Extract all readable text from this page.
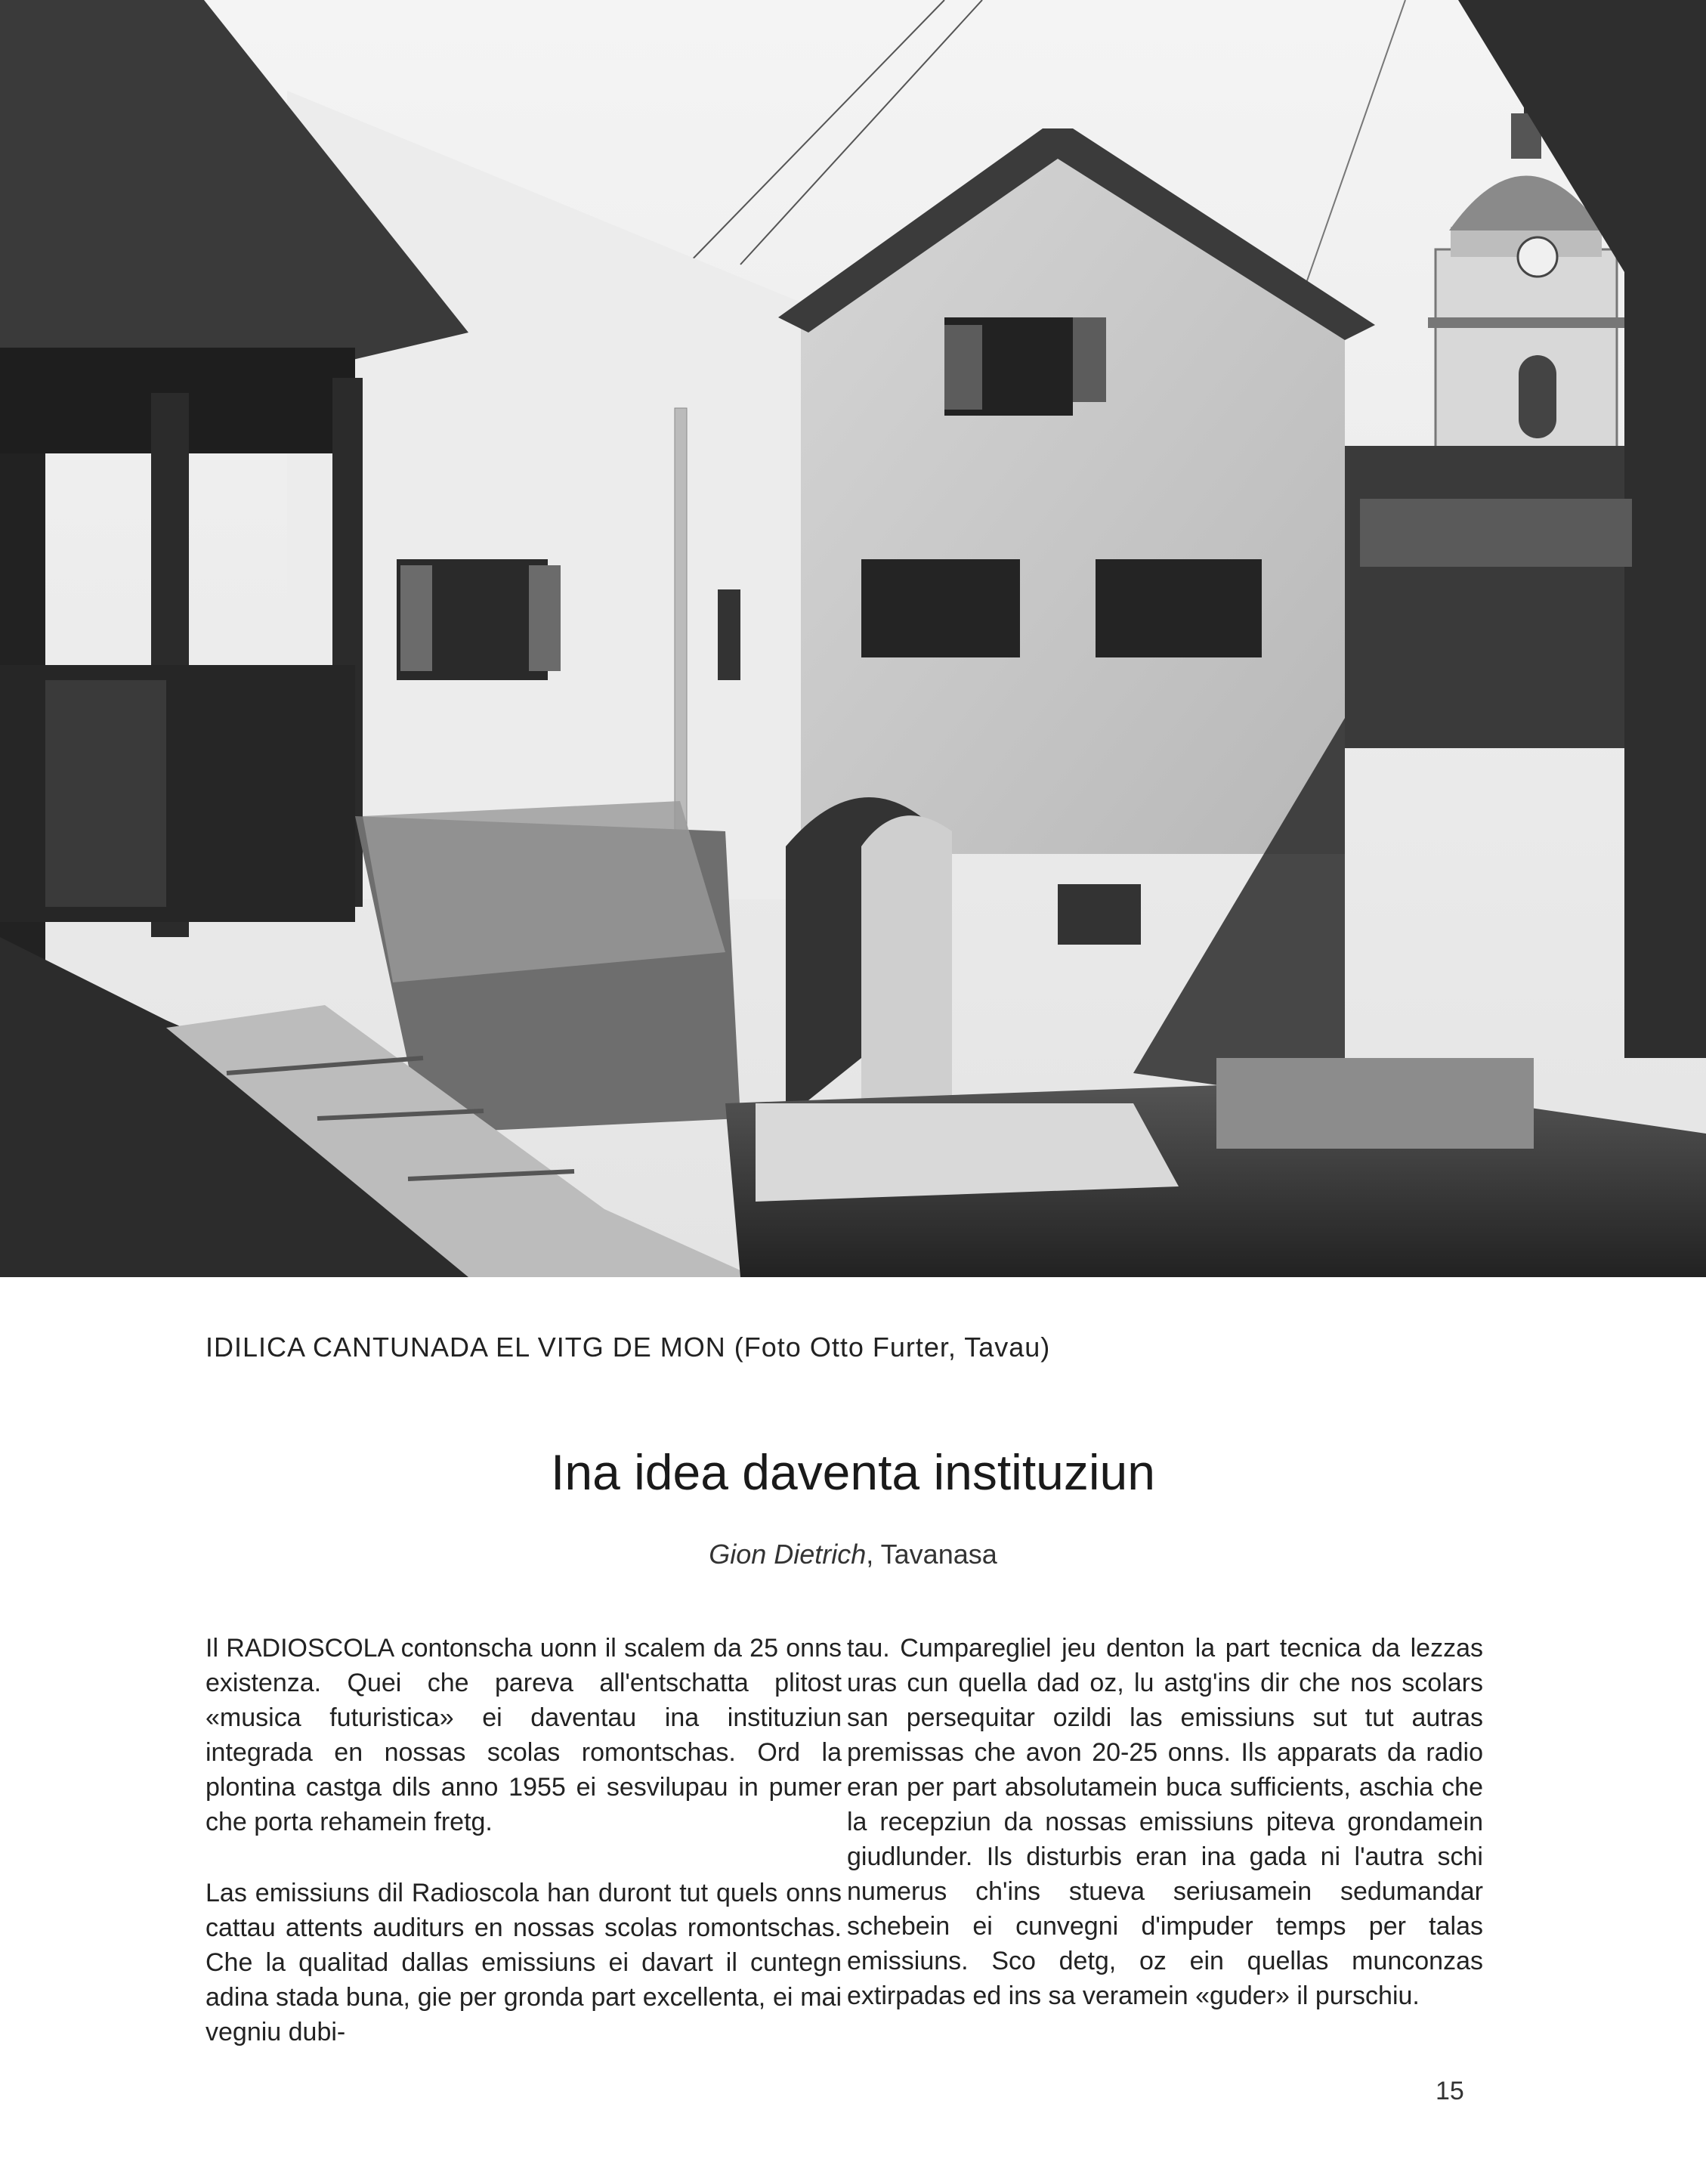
IDILICA CANTUNADA EL VITG DE MON (Foto Otto Furter, Tavau)
Ina idea daventa instituziun
Gion Dietrich, Tavanasa

Il RADIOSCOLA contonscha uonn il scalem da 25 onns existenza. Quei che pareva all'entschatta plitost «musica futuristica» ei daventau ina instituziun integrada en nossas scolas romontschas. Ord la plontina castga dils anno 1955 ei sesvilupau in pumer che porta rehamein fretg.

Las emissiuns dil Radioscola han duront tut quels onns cattau attents auditurs en nossas scolas romontschas. Che la qualitad dallas emissiuns ei davart il cuntegn adina stada buna, gie per gronda part excellenta, ei mai vegniu dubi-

tau. Cumparegliel jeu denton la part tecnica da lezzas uras cun quella dad oz, lu astg'ins dir che nos scolars san persequitar ozildi las emissiuns sut tut autras premissas che avon 20-25 onns. Ils apparats da radio eran per part absolutamein buca sufficients, aschia che la recepziun da nossas emissiuns piteva grondamein giudlunder. Ils disturbis eran ina gada ni l'autra schi numerus ch'ins stueva seriusamein sedumandar schebein ei cunvegni d'impuder temps per talas emissiuns. Sco detg, oz ein quellas munconzas extirpadas ed ins sa veramein «guder» il purschiu.

15
